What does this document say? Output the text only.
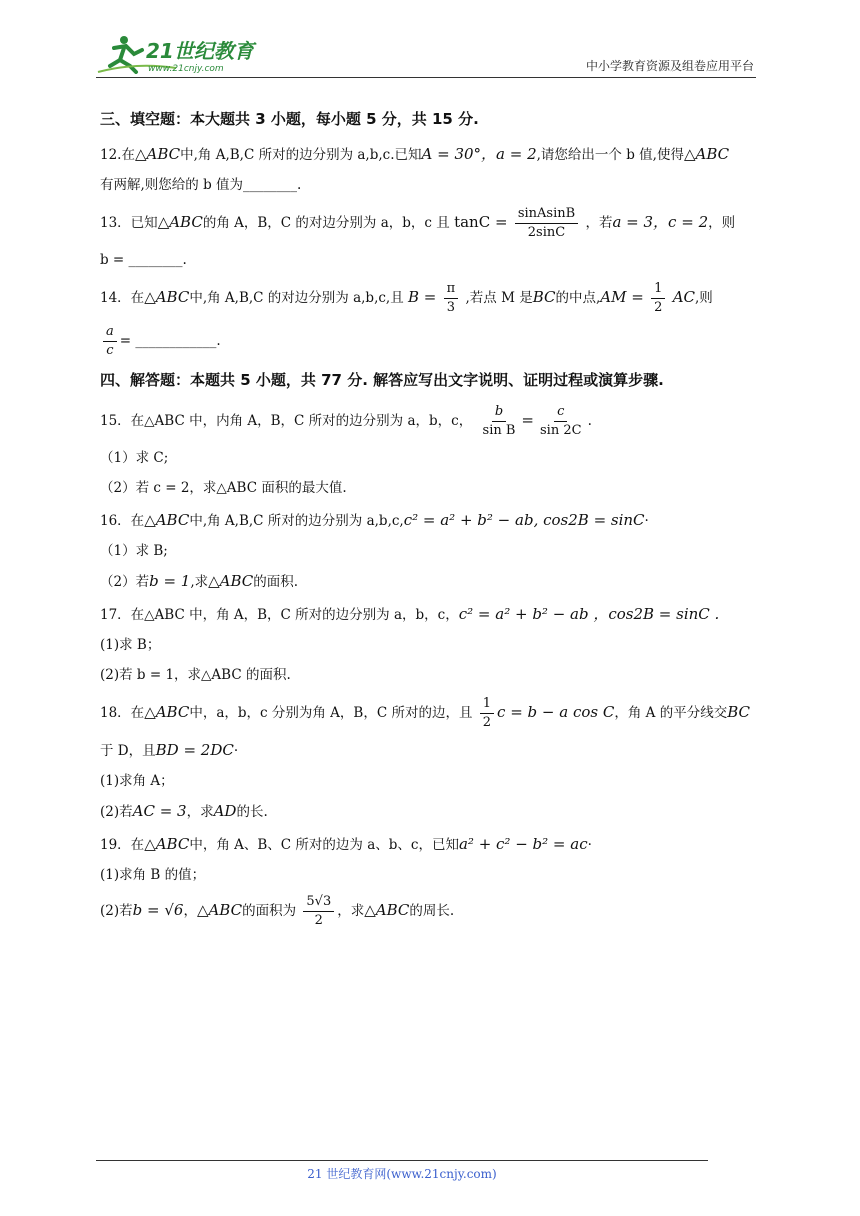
21世纪教育
www.21cnjy.com	中小学教育资源及组卷应用平台
三、填空题：本大题共 3 小题，每小题 5 分，共 15 分.
12.在△ABC中,角 A,B,C 所对的边分别为 a,b,c.已知A = 30°，a = 2,请您给出一个 b 值,使得△ABC
有两解,则您给的 b 值为________.
13．已知△ABC的角 A，B，C 的对边分别为 a，b，c 且 $\tan C = \frac{\text{sinAsinB}}{2\sin C}$ ，若a = 3，c = 2，则
b = ________.
14．在△ABC中,角 A,B,C 的对边分别为 a,b,c,且 $B = \frac{\pi}{3}$ ,若点 M 是BC的中点$,AM = \frac{1}{2}$ AC,则
$\frac{a}{c}$ = ____________.
四、解答题：本题共 5 小题，共 77 分. 解答应写出文字说明、证明过程或演算步骤.
15．在△ABC 中，内角 A，B，C 所对的边分别为 a，b，c， $\frac{b}{\text{sin B}} = \frac{c}{\sin 2C}$ .
（1）求 C;
（2）若 c = 2，求△ABC 面积的最大值.
16．在△ABC中,角 A,B,C 所对的边分别为 a,b,c,c² = a² + b² − ab, cos2B = sinC·
（1）求 B;
（2）若b = 1,求△ABC的面积.
17．在△ABC 中，角 A，B，C 所对的边分别为 a，b，c，c² = a² + b² − ab ，cos2B = sinC .
(1)求 B；
(2)若 b = 1，求△ABC 的面积.
18．在△ABC中，a，b，c 分别为角 A，B，C 所对的边，且 $\frac{1}{2}$ c = b − a cos C，角 A 的平分线交BC
于 D，且BD = 2DC·
(1)求角 A；
(2)若AC = 3，求AD的长.
19．在△ABC中，角 A、B、C 所对的边为 a、b、c，已知a² + c² − b² = ac·
(1)求角 B 的值；
(2)若b = √6，△ABC的面积为 $\frac{5√3}{2}$ ，求△ABC的周长.
21 世纪教育网(www.21cnjy.com)
